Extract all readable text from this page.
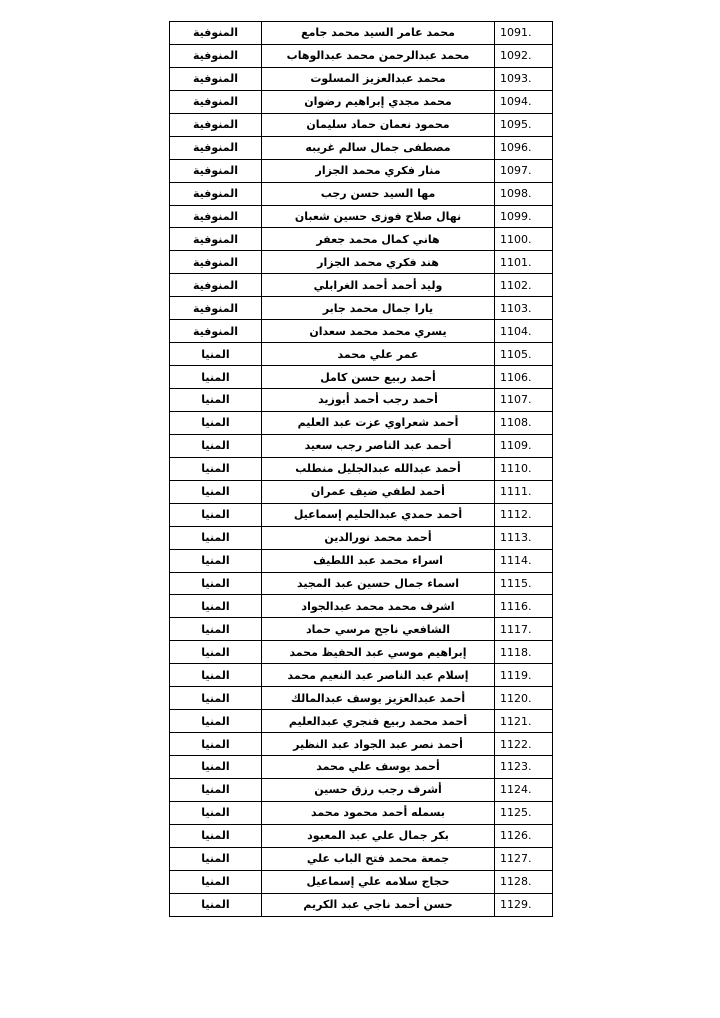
1091.	محمد عامر السيد محمد جامع	المنوفية
1092.	محمد عبدالرحمن محمد عبدالوهاب	المنوفية
1093.	محمد عبدالعزيز المسلوت	المنوفية
1094.	محمد مجدي إبراهيم رضوان	المنوفية
1095.	محمود نعمان حماد سليمان	المنوفية
1096.	مصطفى جمال سالم غريبه	المنوفية
1097.	منار فكري محمد الجزار	المنوفية
1098.	مها السيد حسن رجب	المنوفية
1099.	نهال صلاح فوزى حسين شعبان	المنوفية
1100.	هاني كمال محمد جعفر	المنوفية
1101.	هند فكري محمد الجزار	المنوفية
1102.	وليد أحمد أحمد الغرابلي	المنوفية
1103.	يارا جمال محمد جابر	المنوفية
1104.	يسري محمد محمد سعدان	المنوفية
1105.	عمر علي محمد	المنيا
1106.	أحمد ربيع حسن كامل	المنيا
1107.	أحمد رجب أحمد أبوزيد	المنيا
1108.	أحمد شعراوي عزت عبد العليم	المنيا
1109.	أحمد عبد الناصر رجب سعيد	المنيا
1110.	أحمد عبدالله عبدالجليل منطلب	المنيا
1111.	أحمد لطفي ضيف عمران	المنيا
1112.	أحمد حمدي عبدالحليم إسماعيل	المنيا
1113.	أحمد محمد نورالدين	المنيا
1114.	اسراء محمد عبد اللطيف	المنيا
1115.	اسماء جمال حسين عبد المجيد	المنيا
1116.	اشرف محمد محمد عبدالجواد	المنيا
1117.	الشافعي ناجح مرسي حماد	المنيا
1118.	إبراهيم موسي عبد الحفيظ محمد	المنيا
1119.	إسلام عبد الناصر عبد النعيم محمد	المنيا
1120.	أحمد عبدالعزيز يوسف عبدالمالك	المنيا
1121.	أحمد محمد ربيع فنجري عبدالعليم	المنيا
1122.	أحمد نصر عبد الجواد عبد النظير	المنيا
1123.	أحمد يوسف علي محمد	المنيا
1124.	أشرف رجب رزق حسين	المنيا
1125.	بسمله أحمد محمود محمد	المنيا
1126.	بكر جمال علي عبد المعبود	المنيا
1127.	جمعة محمد فتح الباب علي	المنيا
1128.	حجاج سلامه علي إسماعيل	المنيا
1129.	حسن أحمد ناجي عبد الكريم	المنيا
